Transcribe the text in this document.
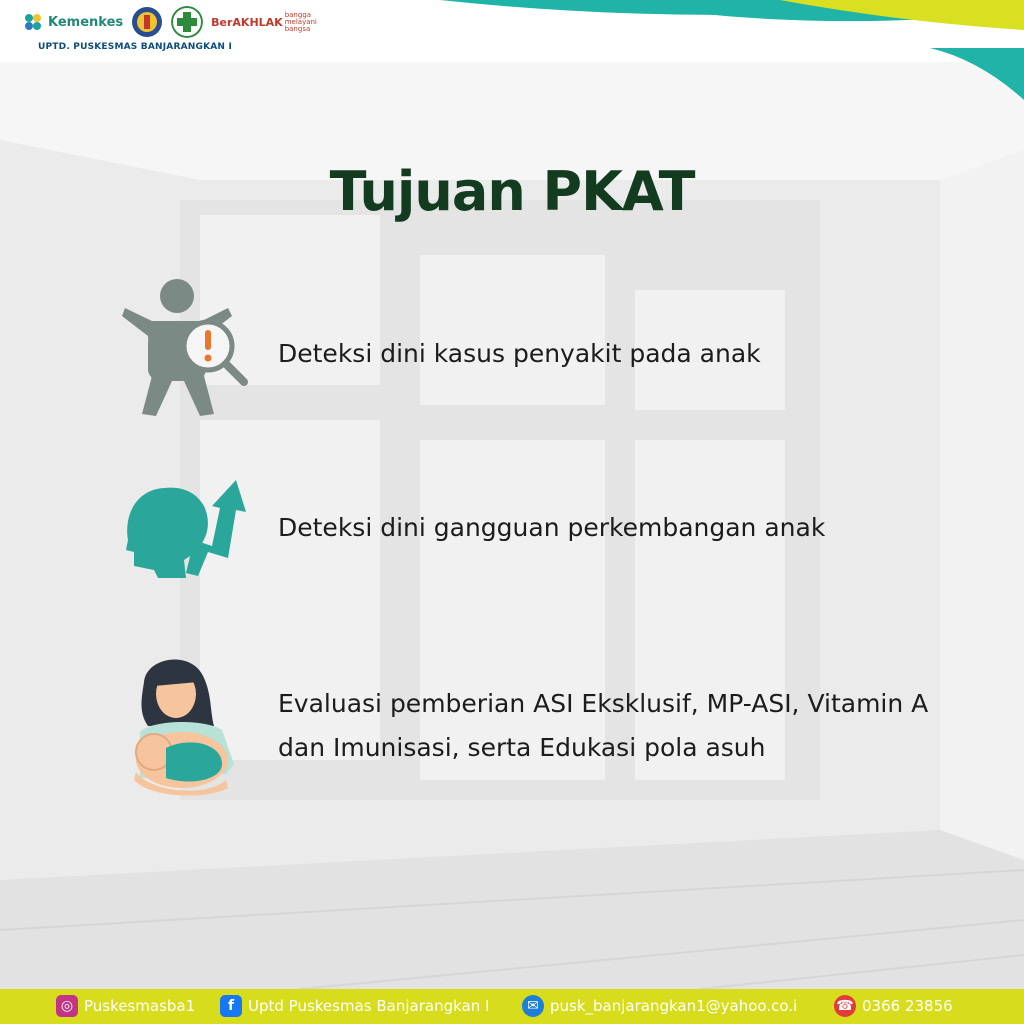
Kemenkes	BerAKHLAK
bangga melayani bangsa
UPTD. PUSKESMAS BANJARANGKAN I
Tujuan PKAT
Deteksi dini kasus penyakit pada anak
Deteksi dini gangguan perkembangan anak
Evaluasi pemberian ASI Eksklusif, MP-ASI, Vitamin A
dan Imunisasi, serta Edukasi pola asuh
◎ Puskesmasba1	f Uptd Puskesmas Banjarangkan I	✉ pusk_banjarangkan1@yahoo.co.i	☎ 0366 23856
